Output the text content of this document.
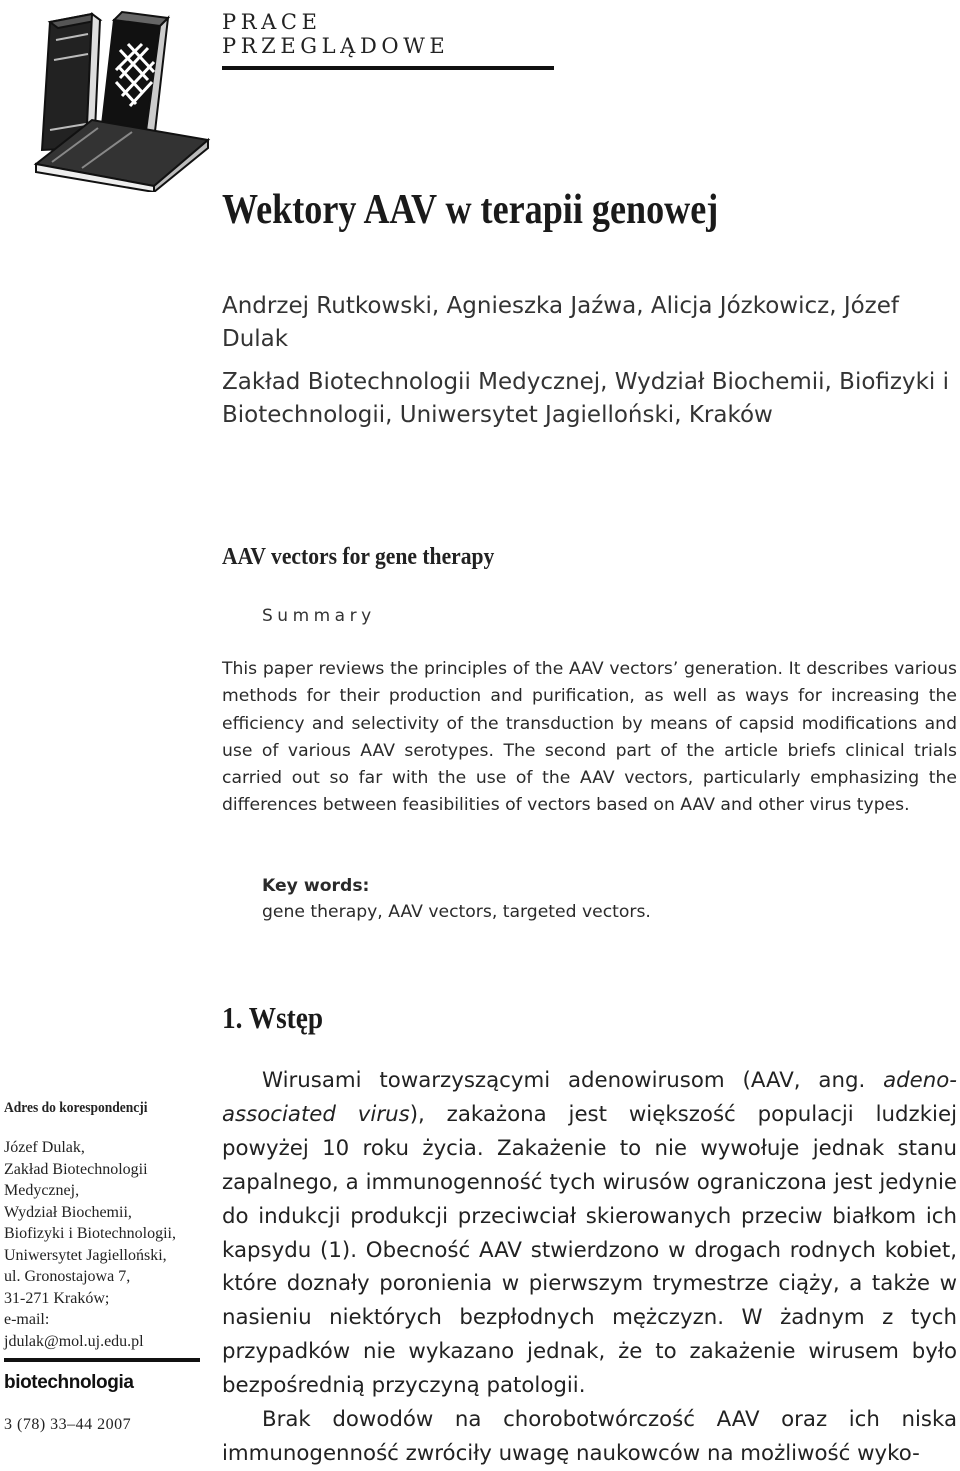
PRACE PRZEGLĄDOWE
Wektory AAV w terapii genowej

Andrzej Rutkowski, Agnieszka Jaźwa, Alicja Józkowicz, Józef Dulak

Zakład Biotechnologii Medycznej, Wydział Biochemii, Biofizyki i Biotechnologii, Uniwersytet Jagielloński, Kraków

AAV vectors for gene therapy
Summary

This paper reviews the principles of the AAV vectors’ generation. It describes various methods for their production and purification, as well as ways for increasing the efficiency and selectivity of the transduction by means of capsid modifications and use of various AAV serotypes. The second part of the article briefs clinical trials carried out so far with the use of the AAV vectors, particularly emphasizing the differences between feasibilities of vectors based on AAV and other virus types.

Key words:
gene therapy, AAV vectors, targeted vectors.
1. Wstęp

Wirusami towarzyszącymi adenowirusom (AAV, ang. adeno-associated virus), zakażona jest większość populacji ludzkiej powyżej 10 roku życia. Zakażenie to nie wywołuje jednak stanu zapalnego, a immunogenność tych wirusów ograniczona jest jedynie do indukcji produkcji przeciwciał skierowanych przeciw białkom ich kapsydu (1). Obecność AAV stwierdzono w drogach rodnych kobiet, które doznały poronienia w pierwszym trymestrze ciąży, a także w nasieniu niektórych bezpłodnych mężczyzn. W żadnym z tych przypadków nie wykazano jednak, że to zakażenie wirusem było bezpośrednią przyczyną patologii.

Brak dowodów na chorobotwórczość AAV oraz ich niska immunogenność zwróciły uwagę naukowców na możliwość wyko-

Adres do korespondencji
Józef Dulak,
Zakład Biotechnologii
Medycznej,
Wydział Biochemii,
Biofizyki i Biotechnologii,
Uniwersytet Jagielloński,
ul. Gronostajowa 7,
31-271 Kraków;
e-mail:
jdulak@mol.uj.edu.pl
biotechnologia
3 (78) 33–44 2007
